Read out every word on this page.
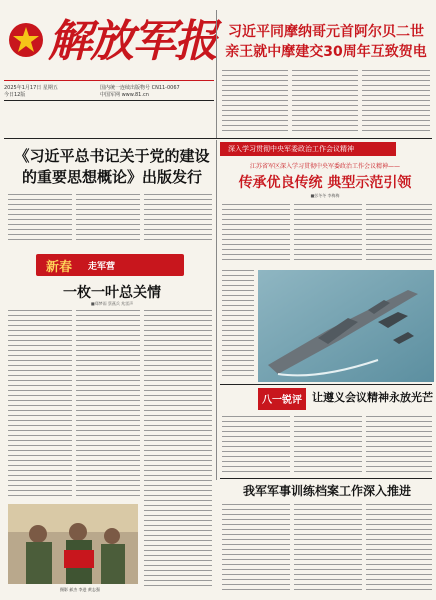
解放军报
2025年1月17日 星期五
今日12版
国内统一连续出版物号 CN11-0067
中国军网 www.81.cn
习近平同摩纳哥元首阿尔贝二世亲王就中摩建交30周年互致贺电
《习近平总书记关于党的建设的重要思想概论》出版发行
深入学习贯彻中央军委政治工作会议精神
江苏省军区深入学习贯彻中央军委政治工作会议精神——
传承优良传统 典型示范引领
■彭冬冬 李梅梅
新春 走军营
一枚一叶总关情
■郑梦雨 蔡燕兵 兆雷声
摄影 郝杰 李进 黄志强
八一锐评 让遵义会议精神永放光芒
我军军事训练档案工作深入推进
